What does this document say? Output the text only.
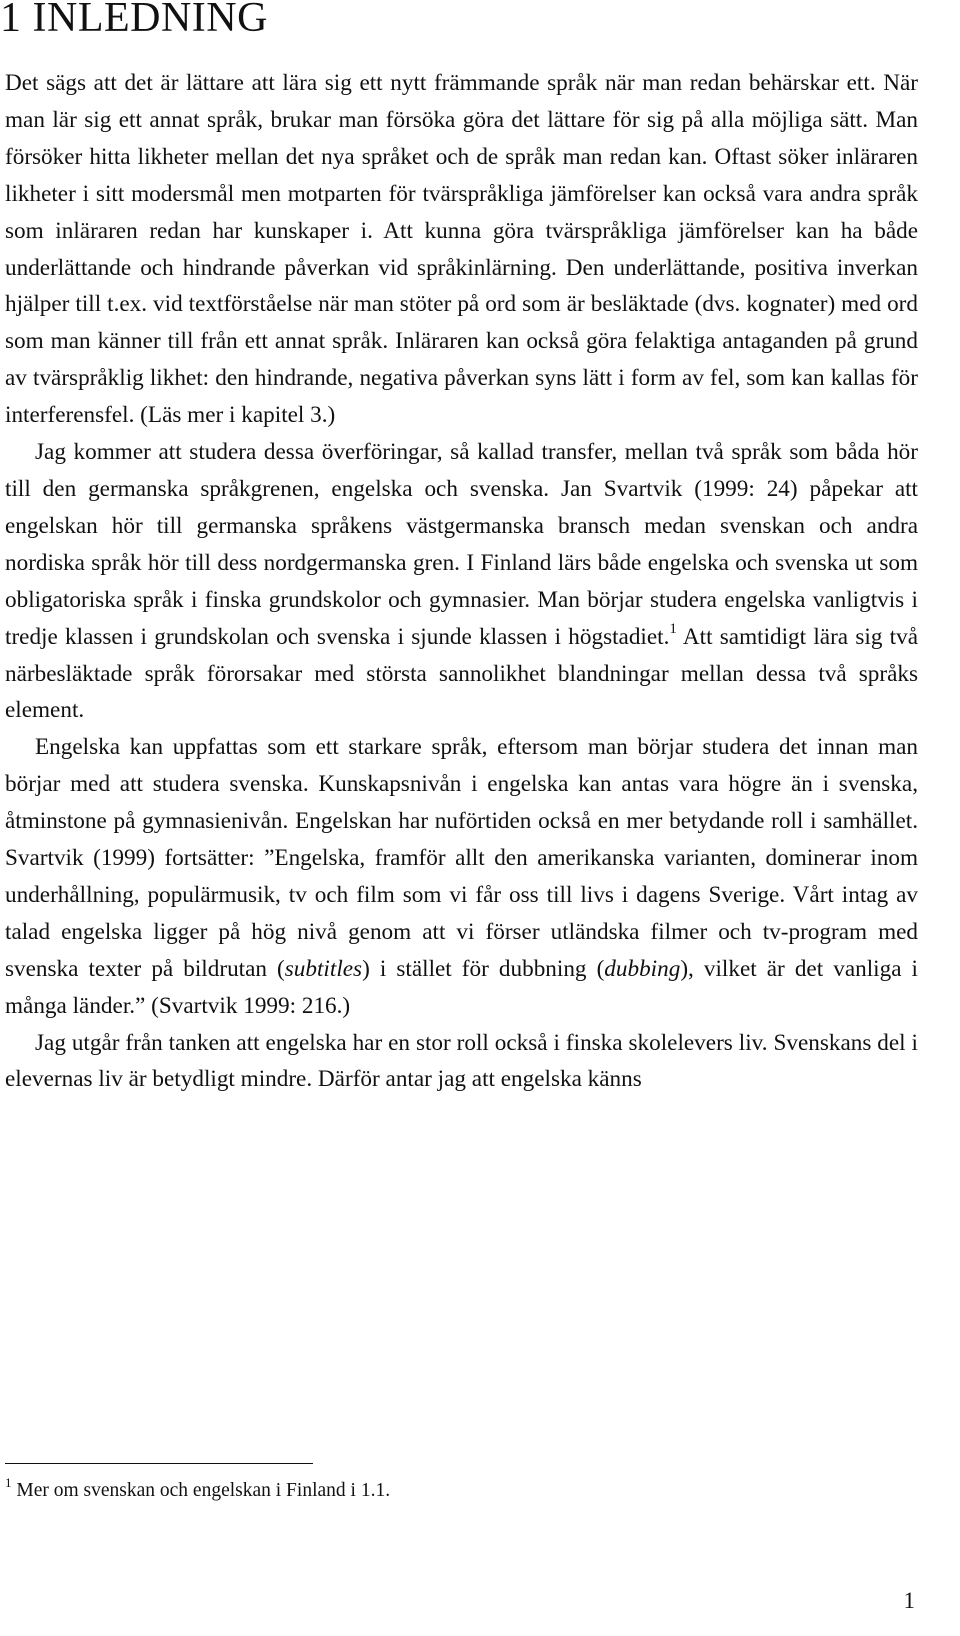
1 INLEDNING

Det sägs att det är lättare att lära sig ett nytt främmande språk när man redan behärskar ett. När man lär sig ett annat språk, brukar man försöka göra det lättare för sig på alla möjliga sätt. Man försöker hitta likheter mellan det nya språket och de språk man redan kan. Oftast söker inläraren likheter i sitt modersmål men motparten för tvärspråkliga jämförelser kan också vara andra språk som inläraren redan har kunskaper i. Att kunna göra tvärspråkliga jämförelser kan ha både underlättande och hindrande påverkan vid språkinlärning. Den underlättande, positiva inverkan hjälper till t.ex. vid textförståelse när man stöter på ord som är besläktade (dvs. kognater) med ord som man känner till från ett annat språk. Inläraren kan också göra felaktiga antaganden på grund av tvärspråklig likhet: den hindrande, negativa påverkan syns lätt i form av fel, som kan kallas för interferensfel. (Läs mer i kapitel 3.)

Jag kommer att studera dessa överföringar, så kallad transfer, mellan två språk som båda hör till den germanska språkgrenen, engelska och svenska. Jan Svartvik (1999: 24) påpekar att engelskan hör till germanska språkens västgermanska bransch medan svenskan och andra nordiska språk hör till dess nordgermanska gren. I Finland lärs både engelska och svenska ut som obligatoriska språk i finska grundskolor och gymnasier. Man börjar studera engelska vanligtvis i tredje klassen i grundskolan och svenska i sjunde klassen i högstadiet.$^1$ Att samtidigt lära sig två närbesläktade språk förorsakar med största sannolikhet blandningar mellan dessa två språks element.

Engelska kan uppfattas som ett starkare språk, eftersom man börjar studera det innan man börjar med att studera svenska. Kunskapsnivån i engelska kan antas vara högre än i svenska, åtminstone på gymnasienivån. Engelskan har nuförtiden också en mer betydande roll i samhället. Svartvik (1999) fortsätter: ”Engelska, framför allt den amerikanska varianten, dominerar inom underhållning, populärmusik, tv och film som vi får oss till livs i dagens Sverige. Vårt intag av talad engelska ligger på hög nivå genom att vi förser utländska filmer och tv-program med svenska texter på bildrutan (subtitles) i stället för dubbning (dubbing), vilket är det vanliga i många länder.” (Svartvik 1999: 216.)

Jag utgår från tanken att engelska har en stor roll också i finska skolelevers liv. Svenskans del i elevernas liv är betydligt mindre. Därför antar jag att engelska känns

$^1$ Mer om svenskan och engelskan i Finland i 1.1.

1
